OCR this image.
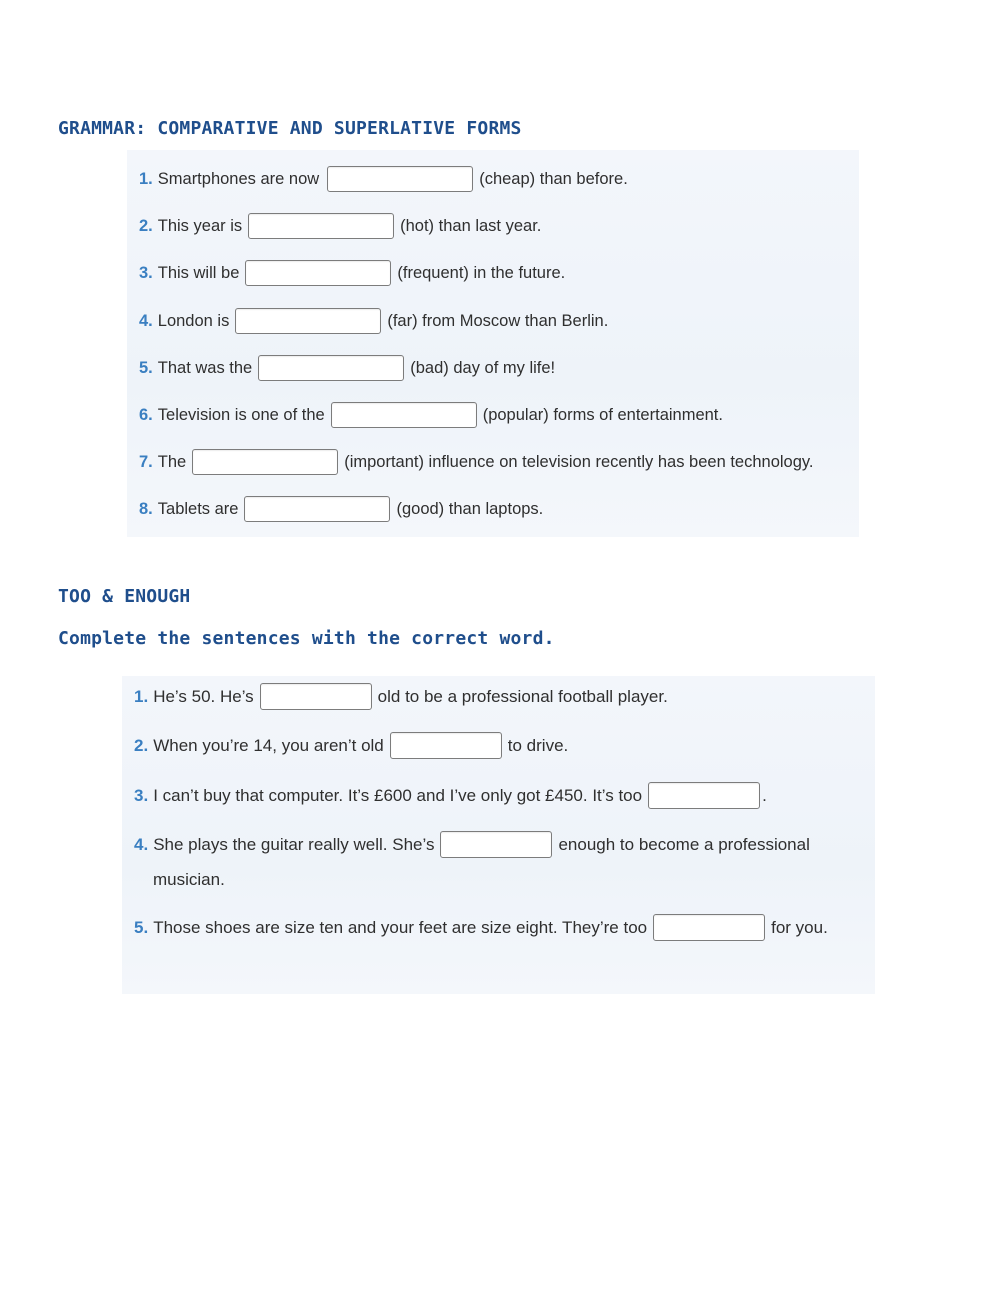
GRAMMAR: COMPARATIVE AND SUPERLATIVE FORMS
1. Smartphones are now	(cheap) than before.
2. This year is	(hot) than last year.
3. This will be	(frequent) in the future.
4. London is	(far) from Moscow than Berlin.
5. That was the	(bad) day of my life!
6. Television is one of the	(popular) forms of entertainment.
7. The	(important) influence on television recently has been technology.
8. Tablets are	(good) than laptops.
TOO & ENOUGH
Complete the sentences with the correct word.
1. He’s 50. He’s	old to be a professional football player.
2. When you’re 14, you aren’t old	to drive.
3. I can’t buy that computer. It’s £600 and I’ve only got £450. It’s too	.
4. She plays the guitar really well. She’s	enough to become a professional
musician.
5. Those shoes are size ten and your feet are size eight. They’re too	for you.
